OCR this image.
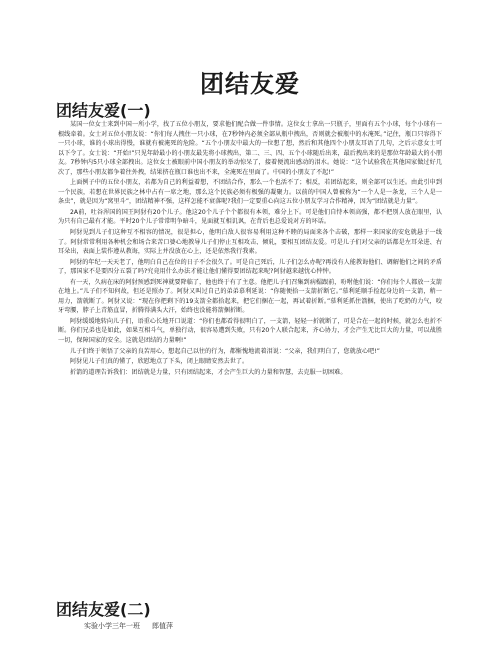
团结友爱
团结友爱(一)

某国一位女士来到中国一所小学，找了五位小朋友，要求他们配合做一件事情。这位女士拿出一只瓶子，里面有五个小球，每个小球有一根线牵着。女士对五位小朋友说：“你们每人拽住一只小球，在7秒钟内必须全部从瓶中拽出，否则就会被瓶中的水淹死。”记住，瓶口只容得下一只小球，谁的小球出得慢，谁就有被淹死的危险。“五个小朋友中最大的一位想了想，然后和其他四个小朋友耳语了几句，之后示意女士可以下令了。女士说：“开始!”只见年龄最小的小朋友最先将小球拽出，第二、三、四、五个小球随后出来，最后拽出来的是那位年龄最大的小朋友。7秒钟内5只小球全部拽出。这位女士被眼前中国小朋友的举动惊呆了，接着便流出感动的泪水。她说：“这个试验我在其他国家做过好几次了，那些小朋友都争着往外拽，结果挤在瓶口谁也出不来，全淹死在里面了。中国的小朋友了不起!”

上面例子中的五位小朋友，若都为自己的利益着想，不团结合作，那么一个也活不了；相反，若团结起来，则全部可以生还。由此引申到一个民族，若想在世界民族之林中占有一席之地，那么这个民族必须有极强的凝聚力。以前的中国人曾被称为“一个人是一条龙，三个人是一条虫”，就是因为“窝里斗”，团结精神不强，这样怎能不衰落呢?我们一定要重心向这五位小朋友学习合作精神，因为“团结就是力量”。

2A前，吐谷浑国的国王阿豺有20个儿子。他这20个儿子个个都很有本领，难分上下。可是他们自恃本领高强，都不把别人放在眼里，认为只有自己最有才能。平时20个儿子常常明争暗斗，见面就互相讥讽，在背后也总爱说对方的坏话。

阿豺见到儿子们这种互不相容的情况，很是担心，他明白敌人很容易利用这种不睦的局面来各个击破，那样一来国家的安危就悬于一线了。阿豺常常利用各种机会和场合来苦口婆心地教导儿子们停止互相攻击、倾轧，要相互团结友爱。可是儿子们对父亲的话都是左耳朵进、右耳朵出，表面上装作遵从教诲，实际上并没放在心上，还是依然我行我素。

阿豺的年纪一天天老了，他明白自己在位的日子不会很久了。可是自己死后，儿子们怎么办呢?再没有人能教诲他们、调解他们之间的矛盾了，那国家不是要四分五裂了吗?究竟用什么办法才能让他们懂得要团结起来呢?阿豺越来越忧心忡忡。

有一天，久病在床的阿豺预感到死神就要降临了，他也终于有了主意。他把儿子们召集到病榻跟前，吩咐他们说：“你们每个人都放一支箭在地上。”儿子们不知何故，但还是照办了。阿豺又叫过自己的弟弟慕利延说：“你随便拾一支箭折断它。”慕利延顺手捡起身边的一支箭，稍一用力，箭就断了。阿豺又说：“现在你把剩下的19支箭全都拾起来，把它们捆在一起，再试着折断。”慕利延抓住箭捆，使出了吃奶的力气，咬牙弯腰，脖子上青筋直冒，折腾得满头大汗，始终也没能将箭捆折断。

阿豺缓缓地转向儿子们，语重心长地开口说道：“你们也都看得很明白了，一支箭，轻轻一折就断了，可是合在一起的时候，就怎么也折不断。你们兄弟也是如此，如果互相斗气，单独行动，很容易遭到失败，只有20个人联合起来，齐心协力，才会产生无比巨大的力量，可以战胜一切，保障国家的安全。这就是团结的力量啊!”

儿子们终于领悟了父亲的良苦用心，想起自己以往的行为，都惭愧地流着泪说：“父亲，我们明白了，您就放心吧!”

阿豺见儿子们真的懂了，欣慰地点了下头，闭上眼睛安然去世了。

折箭的道理告诉我们：团结就是力量，只有团结起来，才会产生巨大的力量和智慧，去克服一切困难。

团结友爱(二)
实验小学三年一班 郎值萍
